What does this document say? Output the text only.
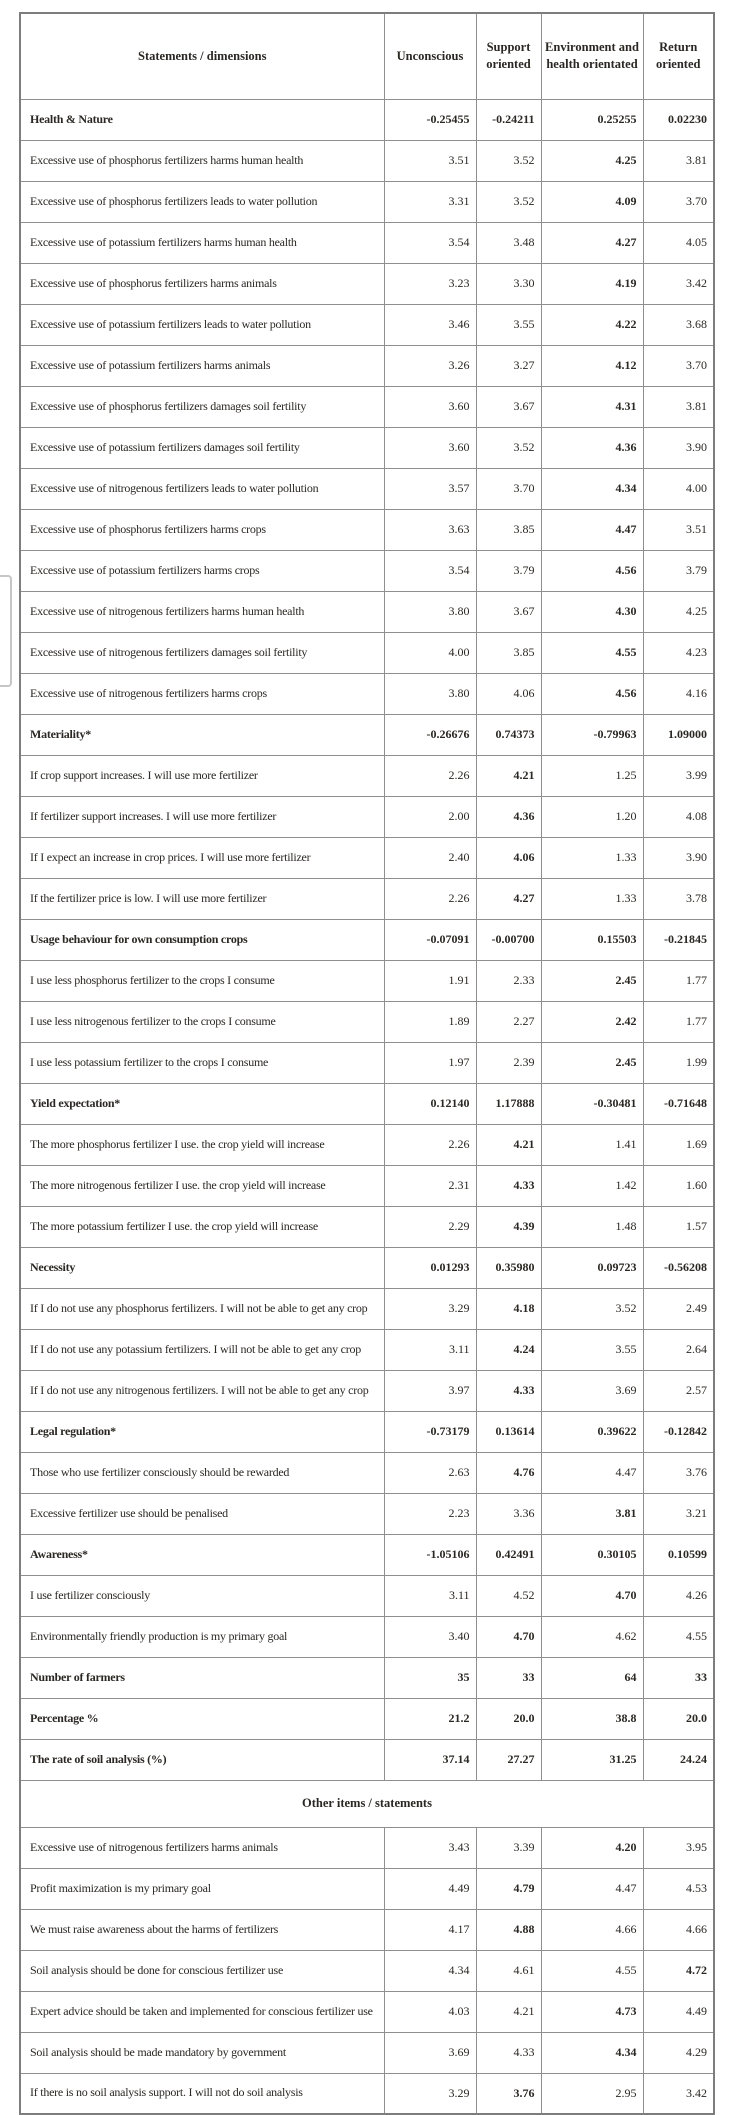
Statements / dimensions	Unconscious	Support oriented	Environment and health orientated	Return oriented
Health & Nature	-0.25455	-0.24211	0.25255	0.02230
Excessive use of phosphorus fertilizers harms human health	3.51	3.52	4.25	3.81
Excessive use of phosphorus fertilizers leads to water pollution	3.31	3.52	4.09	3.70
Excessive use of potassium fertilizers harms human health	3.54	3.48	4.27	4.05
Excessive use of phosphorus fertilizers harms animals	3.23	3.30	4.19	3.42
Excessive use of potassium fertilizers leads to water pollution	3.46	3.55	4.22	3.68
Excessive use of potassium fertilizers harms animals	3.26	3.27	4.12	3.70
Excessive use of phosphorus fertilizers damages soil fertility	3.60	3.67	4.31	3.81
Excessive use of potassium fertilizers damages soil fertility	3.60	3.52	4.36	3.90
Excessive use of nitrogenous fertilizers leads to water pollution	3.57	3.70	4.34	4.00
Excessive use of phosphorus fertilizers harms crops	3.63	3.85	4.47	3.51
Excessive use of potassium fertilizers harms crops	3.54	3.79	4.56	3.79
Excessive use of nitrogenous fertilizers harms human health	3.80	3.67	4.30	4.25
Excessive use of nitrogenous fertilizers damages soil fertility	4.00	3.85	4.55	4.23
Excessive use of nitrogenous fertilizers harms crops	3.80	4.06	4.56	4.16
Materiality*	-0.26676	0.74373	-0.79963	1.09000
If crop support increases. I will use more fertilizer	2.26	4.21	1.25	3.99
If fertilizer support increases. I will use more fertilizer	2.00	4.36	1.20	4.08
If I expect an increase in crop prices. I will use more fertilizer	2.40	4.06	1.33	3.90
If the fertilizer price is low. I will use more fertilizer	2.26	4.27	1.33	3.78
Usage behaviour for own consumption crops	-0.07091	-0.00700	0.15503	-0.21845
I use less phosphorus fertilizer to the crops I consume	1.91	2.33	2.45	1.77
I use less nitrogenous fertilizer to the crops I consume	1.89	2.27	2.42	1.77
I use less potassium fertilizer to the crops I consume	1.97	2.39	2.45	1.99
Yield expectation*	0.12140	1.17888	-0.30481	-0.71648
The more phosphorus fertilizer I use. the crop yield will increase	2.26	4.21	1.41	1.69
The more nitrogenous fertilizer I use. the crop yield will increase	2.31	4.33	1.42	1.60
The more potassium fertilizer I use. the crop yield will increase	2.29	4.39	1.48	1.57
Necessity	0.01293	0.35980	0.09723	-0.56208
If I do not use any phosphorus fertilizers. I will not be able to get any crop	3.29	4.18	3.52	2.49
If I do not use any potassium fertilizers. I will not be able to get any crop	3.11	4.24	3.55	2.64
If I do not use any nitrogenous fertilizers. I will not be able to get any crop	3.97	4.33	3.69	2.57
Legal regulation*	-0.73179	0.13614	0.39622	-0.12842
Those who use fertilizer consciously should be rewarded	2.63	4.76	4.47	3.76
Excessive fertilizer use should be penalised	2.23	3.36	3.81	3.21
Awareness*	-1.05106	0.42491	0.30105	0.10599
I use fertilizer consciously	3.11	4.52	4.70	4.26
Environmentally friendly production is my primary goal	3.40	4.70	4.62	4.55
Number of farmers	35	33	64	33
Percentage %	21.2	20.0	38.8	20.0
The rate of soil analysis (%)	37.14	27.27	31.25	24.24
Other items / statements				
Excessive use of nitrogenous fertilizers harms animals	3.43	3.39	4.20	3.95
Profit maximization is my primary goal	4.49	4.79	4.47	4.53
We must raise awareness about the harms of fertilizers	4.17	4.88	4.66	4.66
Soil analysis should be done for conscious fertilizer use	4.34	4.61	4.55	4.72
Expert advice should be taken and implemented for conscious fertilizer use	4.03	4.21	4.73	4.49
Soil analysis should be made mandatory by government	3.69	4.33	4.34	4.29
If there is no soil analysis support. I will not do soil analysis	3.29	3.76	2.95	3.42
